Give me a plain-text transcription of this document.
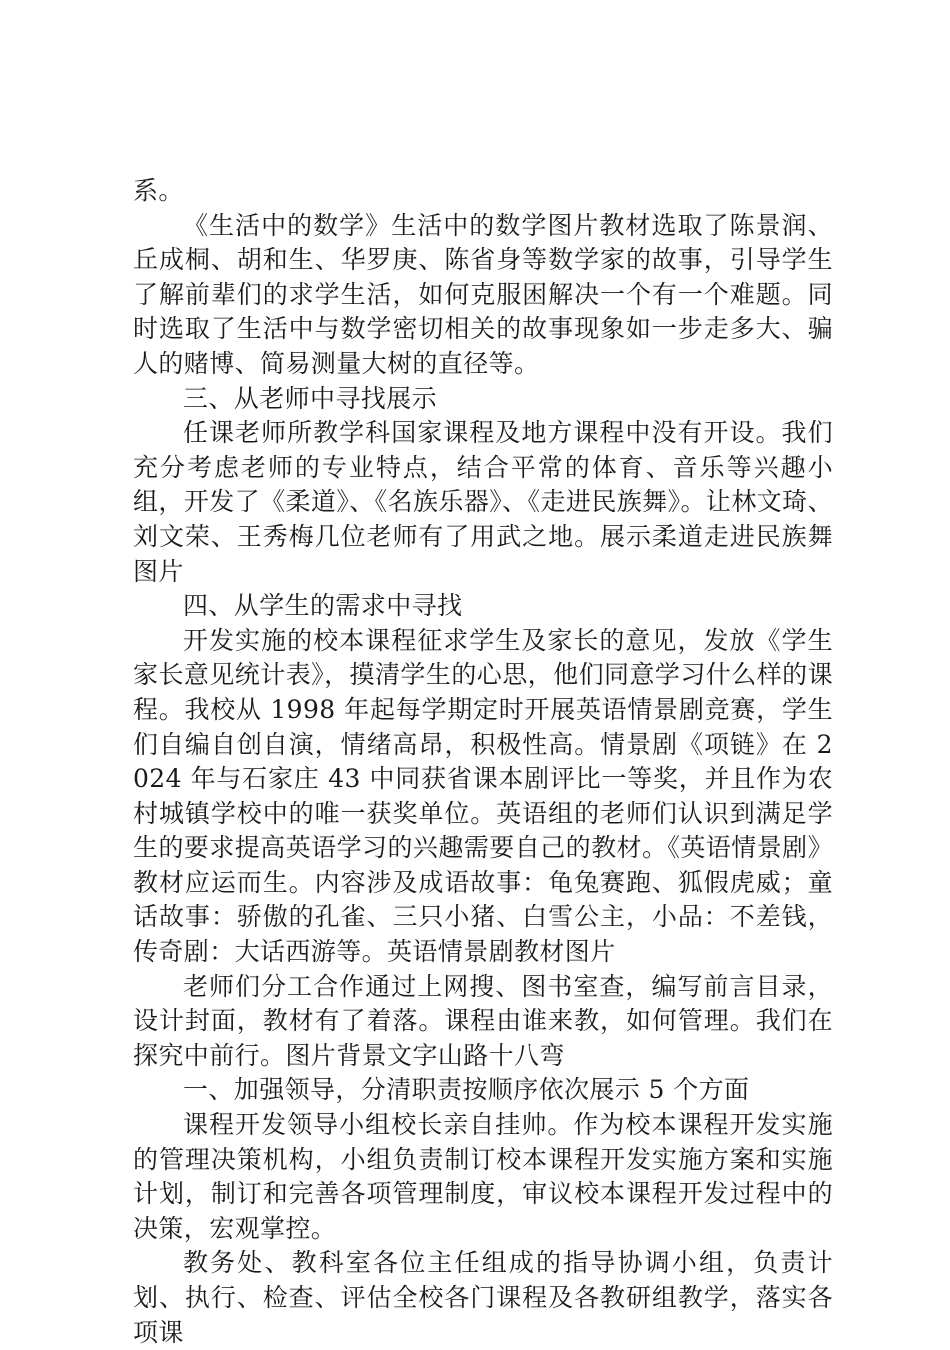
系。

《生活中的数学》生活中的数学图片教材选取了陈景润、丘成桐、胡和生、华罗庚、陈省身等数学家的故事，引导学生了解前辈们的求学生活，如何克服困解决一个有一个难题。同时选取了生活中与数学密切相关的故事现象如一步走多大、骗人的赌博、简易测量大树的直径等。

三、从老师中寻找展示

任课老师所教学科国家课程及地方课程中没有开设。我们充分考虑老师的专业特点，结合平常的体育、音乐等兴趣小组，开发了《柔道》、《名族乐器》、《走进民族舞》。让林文琦、刘文荣、王秀梅几位老师有了用武之地。展示柔道走进民族舞图片

四、从学生的需求中寻找

开发实施的校本课程征求学生及家长的意见，发放《学生家长意见统计表》，摸清学生的心思，他们同意学习什么样的课程。我校从 1998 年起每学期定时开展英语情景剧竞赛，学生们自编自创自演，情绪高昂，积极性高。情景剧《项链》在 2024 年与石家庄 43 中同获省课本剧评比一等奖，并且作为农村城镇学校中的唯一获奖单位。英语组的老师们认识到满足学生的要求提高英语学习的兴趣需要自己的教材。《英语情景剧》教材应运而生。内容涉及成语故事：龟兔赛跑、狐假虎威；童话故事：骄傲的孔雀、三只小猪、白雪公主，小品：不差钱，传奇剧：大话西游等。英语情景剧教材图片

老师们分工合作通过上网搜、图书室查，编写前言目录，设计封面，教材有了着落。课程由谁来教，如何管理。我们在探究中前行。图片背景文字山路十八弯

一、加强领导，分清职责按顺序依次展示 5 个方面

课程开发领导小组校长亲自挂帅。作为校本课程开发实施的管理决策机构，小组负责制订校本课程开发实施方案和实施计划，制订和完善各项管理制度，审议校本课程开发过程中的决策，宏观掌控。

教务处、教科室各位主任组成的指导协调小组，负责计划、执行、检查、评估全校各门课程及各教研组教学，落实各项课
